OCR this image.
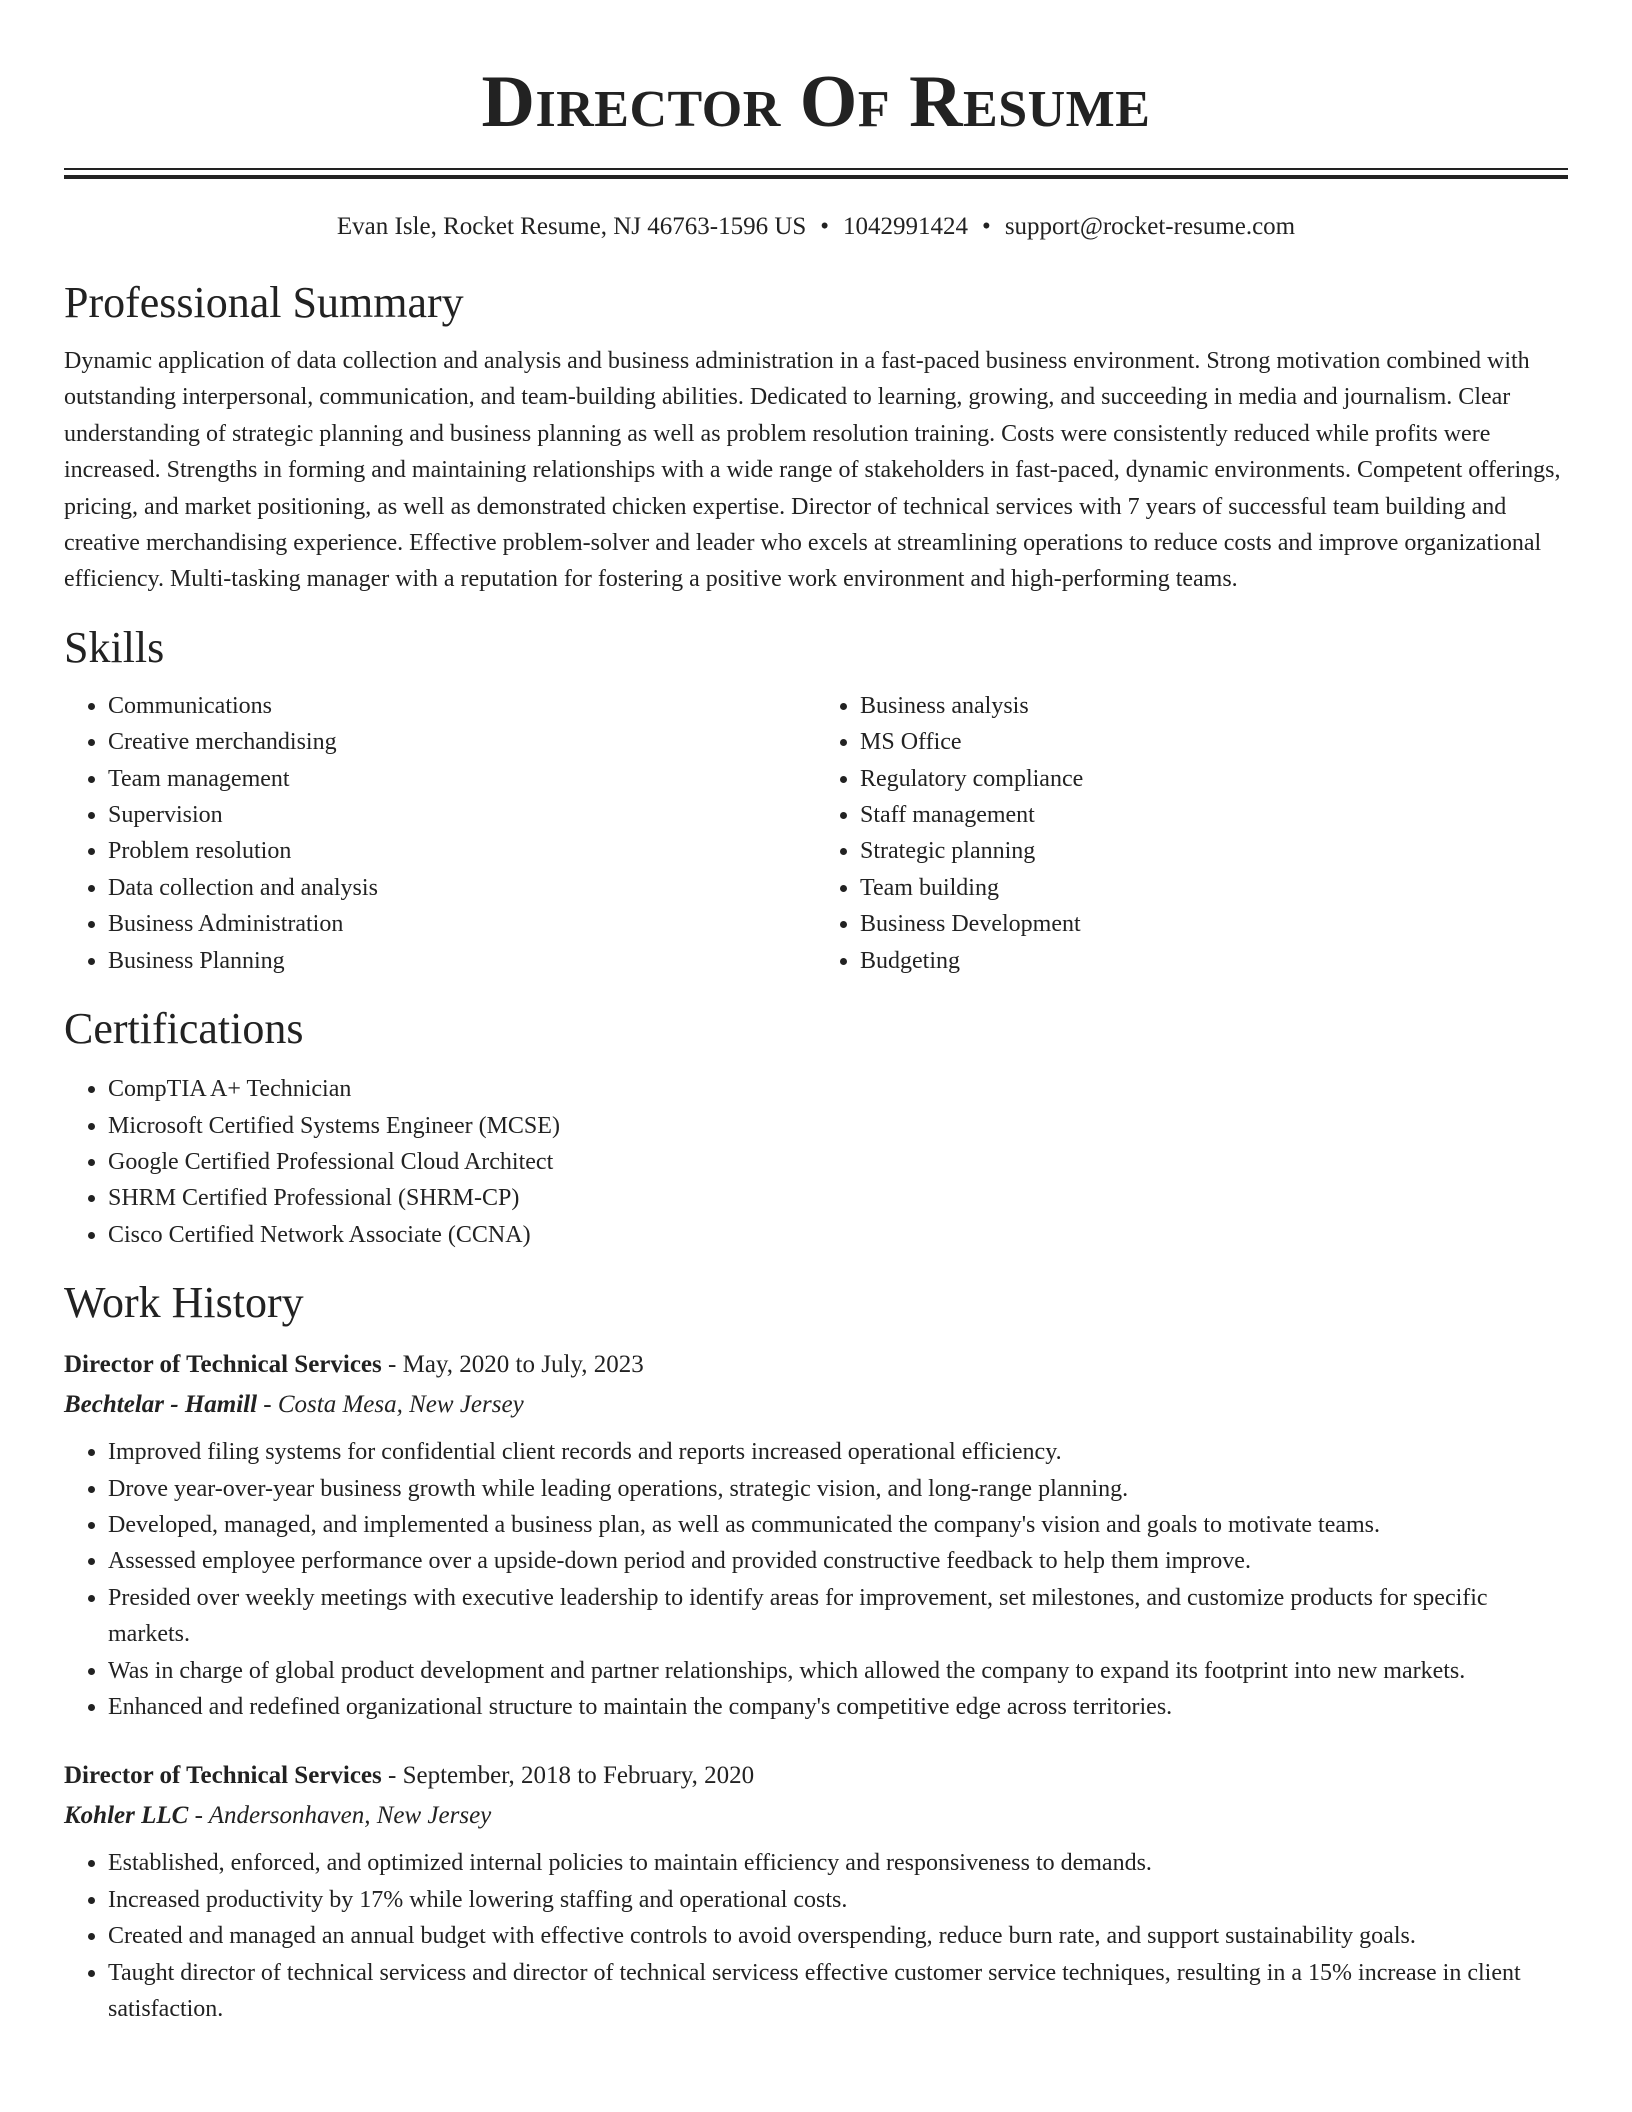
Director Of Resume
Evan Isle, Rocket Resume, NJ 46763-1596 US • 1042991424 • support@rocket-resume.com
Professional Summary

Dynamic application of data collection and analysis and business administration in a fast-paced business environment. Strong motivation combined with outstanding interpersonal, communication, and team-building abilities. Dedicated to learning, growing, and succeeding in media and journalism. Clear understanding of strategic planning and business planning as well as problem resolution training. Costs were consistently reduced while profits were increased. Strengths in forming and maintaining relationships with a wide range of stakeholders in fast-paced, dynamic environments. Competent offerings, pricing, and market positioning, as well as demonstrated chicken expertise. Director of technical services with 7 years of successful team building and creative merchandising experience. Effective problem-solver and leader who excels at streamlining operations to reduce costs and improve organizational efficiency. Multi-tasking manager with a reputation for fostering a positive work environment and high-performing teams.

Skills
• Communications
• Creative merchandising
• Team management
• Supervision
• Problem resolution
• Data collection and analysis
• Business Administration
• Business Planning
• Business analysis
• MS Office
• Regulatory compliance
• Staff management
• Strategic planning
• Team building
• Business Development
• Budgeting
Certifications
• CompTIA A+ Technician
• Microsoft Certified Systems Engineer (MCSE)
• Google Certified Professional Cloud Architect
• SHRM Certified Professional (SHRM-CP)
• Cisco Certified Network Associate (CCNA)
Work History
Director of Technical Services - May, 2020 to July, 2023
Bechtelar - Hamill - Costa Mesa, New Jersey
• Improved filing systems for confidential client records and reports increased operational efficiency.
• Drove year-over-year business growth while leading operations, strategic vision, and long-range planning.
• Developed, managed, and implemented a business plan, as well as communicated the company's vision and goals to motivate teams.
• Assessed employee performance over a upside-down period and provided constructive feedback to help them improve.
• Presided over weekly meetings with executive leadership to identify areas for improvement, set milestones, and customize products for specific markets.
• Was in charge of global product development and partner relationships, which allowed the company to expand its footprint into new markets.
• Enhanced and redefined organizational structure to maintain the company's competitive edge across territories.
Director of Technical Services - September, 2018 to February, 2020
Kohler LLC - Andersonhaven, New Jersey
• Established, enforced, and optimized internal policies to maintain efficiency and responsiveness to demands.
• Increased productivity by 17% while lowering staffing and operational costs.
• Created and managed an annual budget with effective controls to avoid overspending, reduce burn rate, and support sustainability goals.
• Taught director of technical servicess and director of technical servicess effective customer service techniques, resulting in a 15% increase in client satisfaction.
